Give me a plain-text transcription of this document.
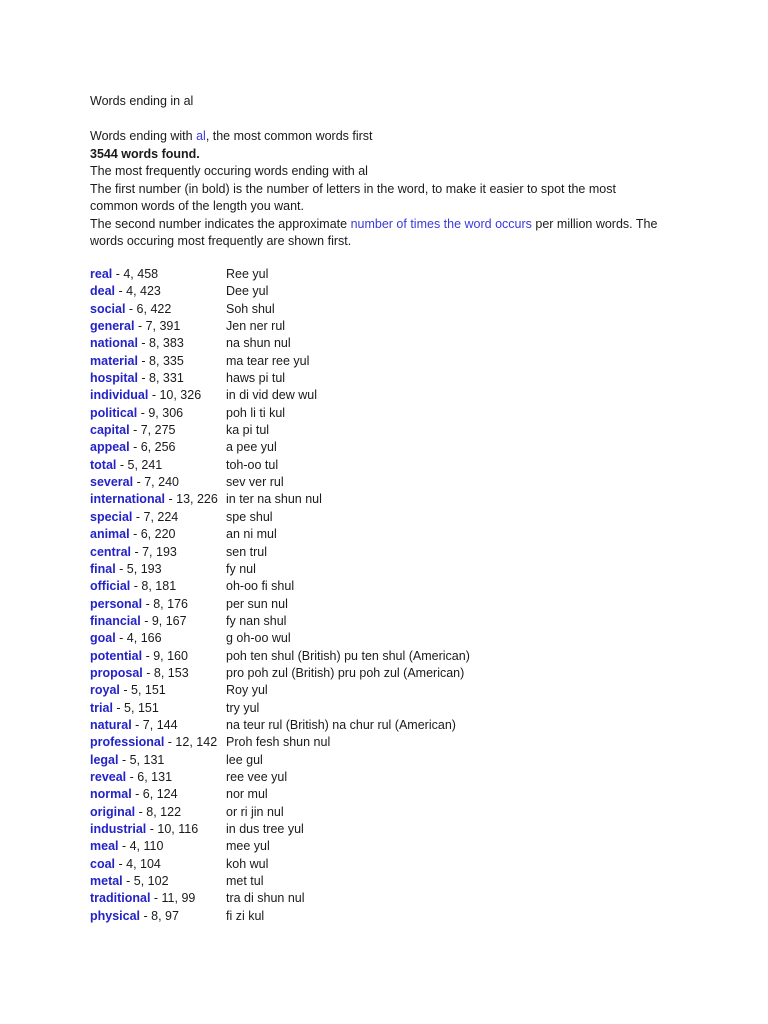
Words ending in al
Words ending with al, the most common words first
3544 words found.
The most frequently occuring words ending with al
The first number (in bold) is the number of letters in the word, to make it easier to spot the most
common words of the length you want.
The second number indicates the approximate number of times the word occurs per million words. The
words occuring most frequently are shown first.
real - 4, 458	Ree yul
deal - 4, 423	Dee yul
social - 6, 422	Soh shul
general - 7, 391	Jen ner rul
national - 8, 383	na shun nul
material - 8, 335	ma tear ree yul
hospital - 8, 331	haws pi tul
individual - 10, 326 in di vid dew wul
political - 9, 306	poh li ti kul
capital - 7, 275	ka pi tul
appeal - 6, 256	a pee yul
total - 5, 241	toh-oo tul
several - 7, 240	sev ver rul
international - 13, 226 in ter na shun nul
special - 7, 224	spe shul
animal - 6, 220	an ni mul
central - 7, 193	sen trul
final - 5, 193	fy nul
official - 8, 181	oh-oo fi shul
personal - 8, 176	per sun nul
financial - 9, 167	fy nan shul
goal - 4, 166	g oh-oo wul
potential - 9, 160	poh ten shul (British) pu ten shul (American)
proposal - 8, 153	pro poh zul (British) pru poh zul (American)
royal - 5, 151	Roy yul
trial - 5, 151	try yul
natural - 7, 144	na teur rul (British) na chur rul (American)
professional - 12, 142 Proh fesh shun nul
legal - 5, 131	lee gul
reveal - 6, 131	ree vee yul
normal - 6, 124	nor mul
original - 8, 122	or ri jin nul
industrial - 10, 116 in dus tree yul
meal - 4, 110	mee yul
coal - 4, 104	koh wul
metal - 5, 102	met tul
traditional - 11, 99 tra di shun nul
physical - 8, 97	fi zi kul
